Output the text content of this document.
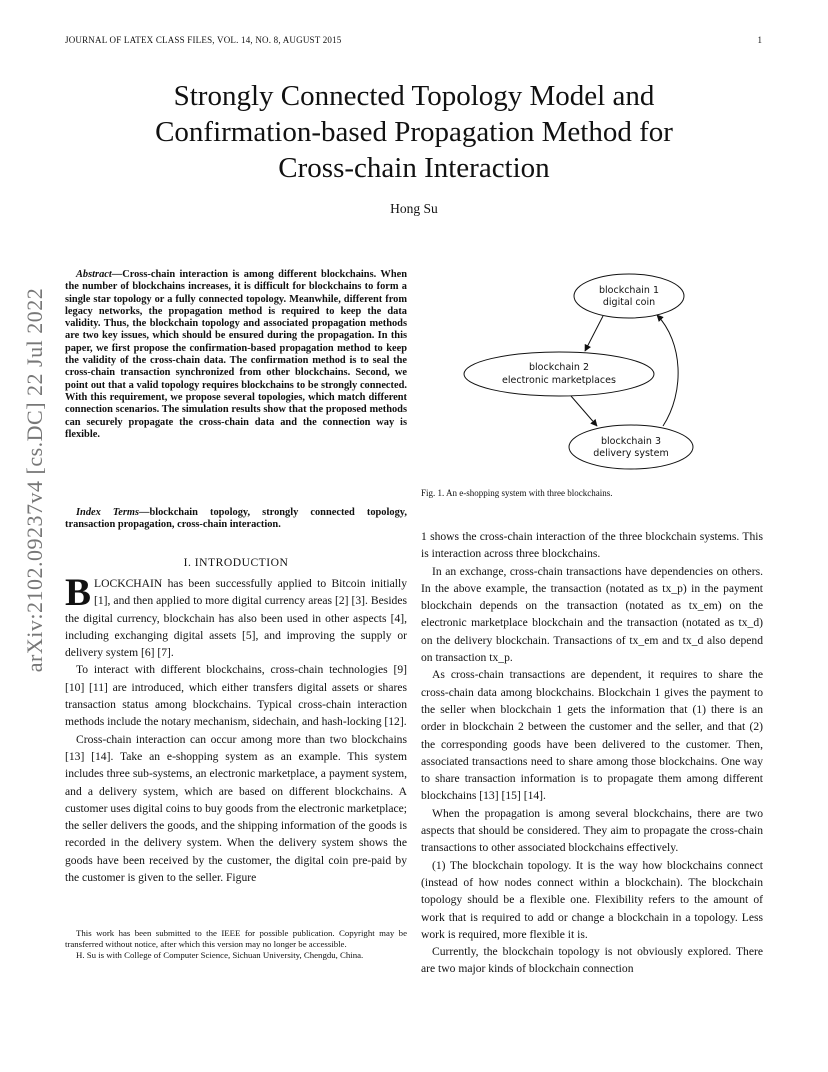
JOURNAL OF LATEX CLASS FILES, VOL. 14, NO. 8, AUGUST 2015	1
arXiv:2102.09237v4 [cs.DC] 22 Jul 2022
Strongly Connected Topology Model and
Confirmation-based Propagation Method for
Cross-chain Interaction
Hong Su
Abstract—Cross-chain interaction is among different blockchains. When the number of blockchains increases, it is difficult for blockchains to form a single star topology or a fully connected topology. Meanwhile, different from legacy networks, the propagation method is required to keep the data validity. Thus, the blockchain topology and associated propagation methods are two key issues, which should be ensured during the propagation. In this paper, we first propose the confirmation-based propagation method to keep the validity of the cross-chain data. The confirmation method is to seal the cross-chain transaction synchronized from other blockchains. Second, we point out that a valid topology requires blockchains to be strongly connected. With this requirement, we propose several topologies, which match different connection scenarios. The simulation results show that the proposed methods can securely propagate the cross-chain data and the connection way is flexible.
Index Terms—blockchain topology, strongly connected topology, transaction propagation, cross-chain interaction.
I. INTRODUCTION

BLOCKCHAIN has been successfully applied to Bitcoin initially [1], and then applied to more digital currency areas [2] [3]. Besides the digital currency, blockchain has also been used in other aspects [4], including exchanging digital assets [5], and improving the supply or delivery system [6] [7].

To interact with different blockchains, cross-chain technologies [9] [10] [11] are introduced, which either transfers digital assets or shares transaction status among blockchains. Typical cross-chain interaction methods include the notary mechanism, sidechain, and hash-locking [12].

Cross-chain interaction can occur among more than two blockchains [13] [14]. Take an e-shopping system as an example. This system includes three sub-systems, an electronic marketplace, a payment system, and a delivery system, which are based on different blockchains. A customer uses digital coins to buy goods from the electronic marketplace; the seller delivers the goods, and the shipping information of the goods is recorded in the delivery system. When the delivery system shows the goods have been received by the customer, the digital coin pre-paid by the customer is given to the seller. Figure

This work has been submitted to the IEEE for possible publication. Copyright may be transferred without notice, after which this version may no longer be accessible.

H. Su is with College of Computer Science, Sichuan University, Chengdu, China.

blockchain 1
digital coin
blockchain 2
electronic marketplaces
blockchain 3
delivery system
Fig. 1. An e-shopping system with three blockchains.

1 shows the cross-chain interaction of the three blockchain systems. This is interaction across three blockchains.

In an exchange, cross-chain transactions have dependencies on others. In the above example, the transaction (notated as tx_p) in the payment blockchain depends on the transaction (notated as tx_em) on the electronic marketplace blockchain and the transaction (notated as tx_d) on the delivery blockchain. Transactions of tx_em and tx_d also depend on transaction tx_p.

As cross-chain transactions are dependent, it requires to share the cross-chain data among blockchains. Blockchain 1 gives the payment to the seller when blockchain 1 gets the information that (1) there is an order in blockchain 2 between the customer and the seller, and that (2) the corresponding goods have been delivered to the customer. Then, associated transactions need to share among those blockchains. One way to share transaction information is to propagate them among different blockchains [13] [15] [14].

When the propagation is among several blockchains, there are two aspects that should be considered. They aim to propagate the cross-chain transactions to other associated blockchains effectively.

(1) The blockchain topology. It is the way how blockchains connect (instead of how nodes connect within a blockchain). The blockchain topology should be a flexible one. Flexibility refers to the amount of work that is required to add or change a blockchain in a topology. Less work is required, more flexible it is.

Currently, the blockchain topology is not obviously explored. There are two major kinds of blockchain connection
